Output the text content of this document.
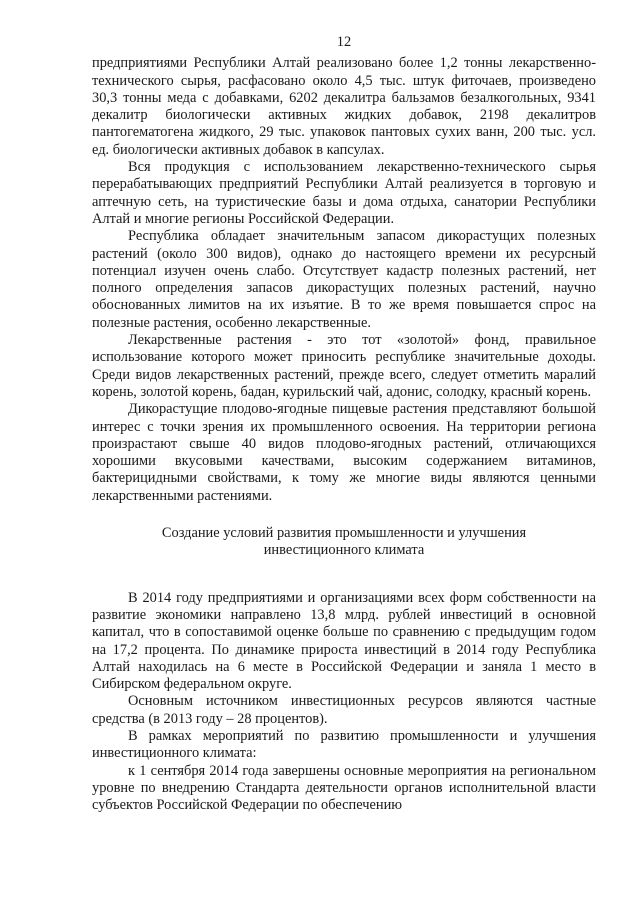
12

предприятиями Республики Алтай реализовано более 1,2 тонны лекарственно-технического сырья, расфасовано около 4,5 тыс. штук фиточаев, произведено 30,3 тонны меда с добавками, 6202 декалитра бальзамов безалкогольных, 9341 декалитр биологически активных жидких добавок, 2198 декалитров пантогематогена жидкого, 29 тыс. упаковок пантовых сухих ванн, 200 тыс. усл. ед. биологически активных добавок в капсулах.

Вся продукция с использованием лекарственно-технического сырья перерабатывающих предприятий Республики Алтай реализуется в торговую и аптечную сеть, на туристические базы и дома отдыха, санатории Республики Алтай и многие регионы Российской Федерации.

Республика обладает значительным запасом дикорастущих полезных растений (около 300 видов), однако до настоящего времени их ресурсный потенциал изучен очень слабо. Отсутствует кадастр полезных растений, нет полного определения запасов дикорастущих полезных растений, научно обоснованных лимитов на их изъятие. В то же время повышается спрос на полезные растения, особенно лекарственные.

Лекарственные растения - это тот «золотой» фонд, правильное использование которого может приносить республике значительные доходы. Среди видов лекарственных растений, прежде всего, следует отметить маралий корень, золотой корень, бадан, курильский чай, адонис, солодку, красный корень.

Дикорастущие плодово-ягодные пищевые растения представляют большой интерес с точки зрения их промышленного освоения. На территории региона произрастают свыше 40 видов плодово-ягодных растений, отличающихся хорошими вкусовыми качествами, высоким содержанием витаминов, бактерицидными свойствами, к тому же многие виды являются ценными лекарственными растениями.

Создание условий развития промышленности и улучшения
инвестиционного климата

В 2014 году предприятиями и организациями всех форм собственности на развитие экономики направлено 13,8 млрд. рублей инвестиций в основной капитал, что в сопоставимой оценке больше по сравнению с предыдущим годом на 17,2 процента. По динамике прироста инвестиций в 2014 году Республика Алтай находилась на 6 месте в Российской Федерации и заняла 1 место в Сибирском федеральном округе.

Основным источником инвестиционных ресурсов являются частные средства (в 2013 году – 28 процентов).

В рамках мероприятий по развитию промышленности и улучшения инвестиционного климата:

к 1 сентября 2014 года завершены основные мероприятия на региональном уровне по внедрению Стандарта деятельности органов исполнительной власти субъектов Российской Федерации по обеспечению
